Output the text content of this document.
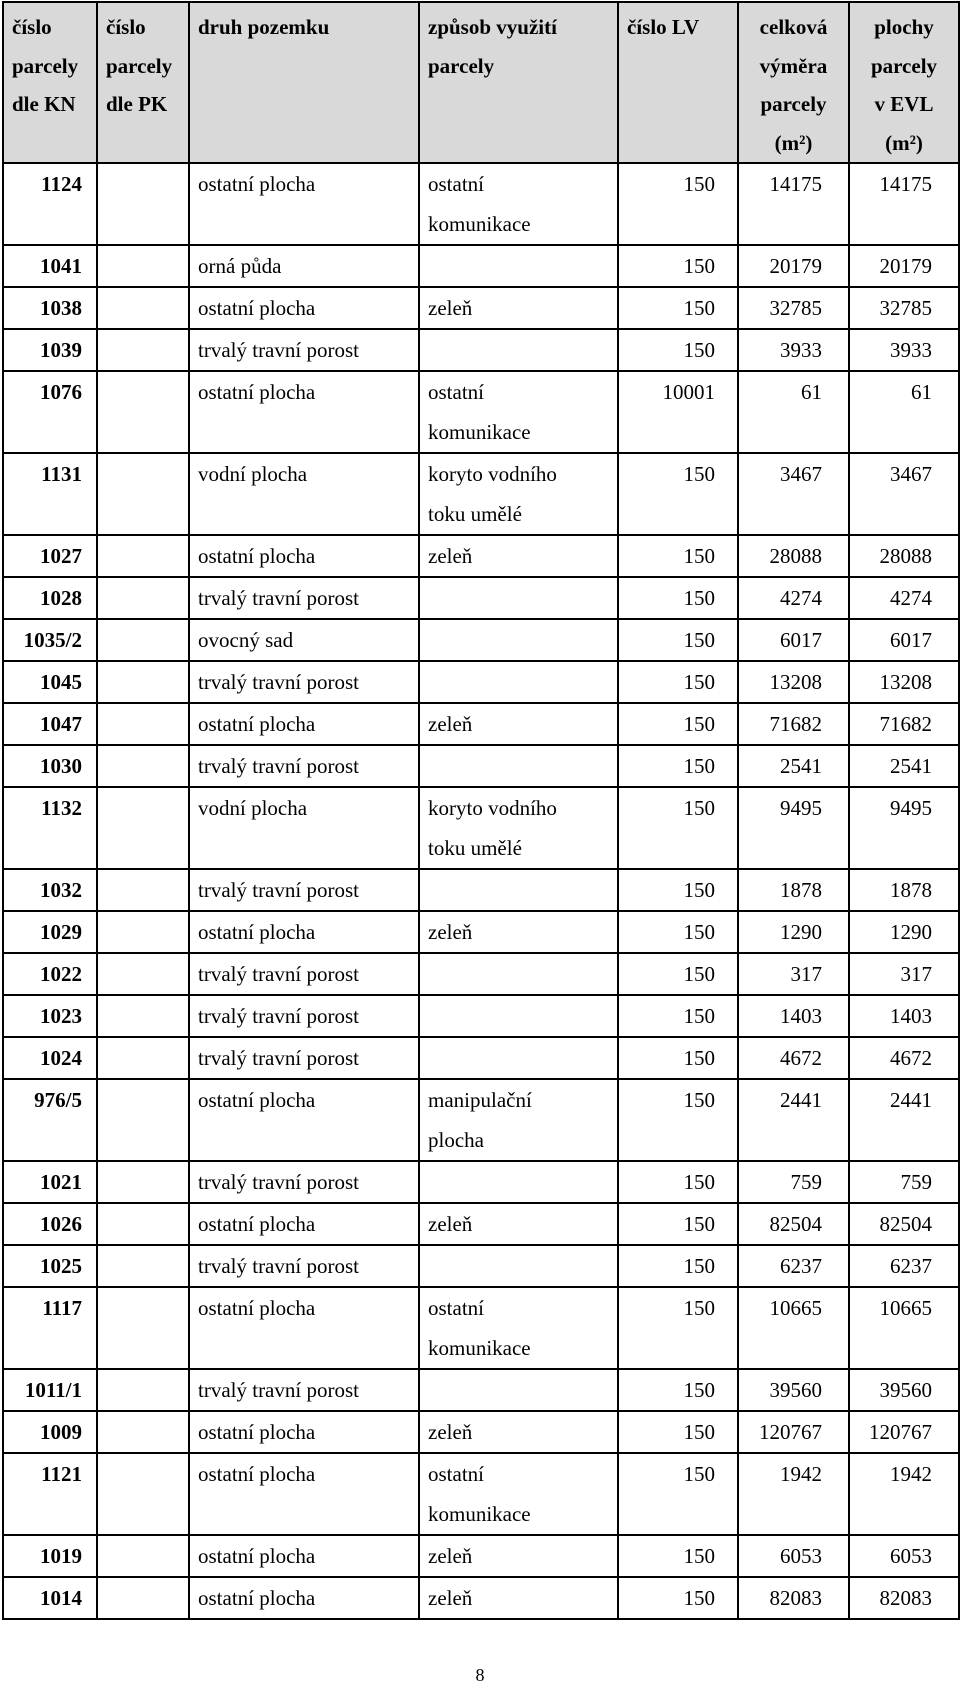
číslo
parcely
dle KN	číslo
parcely
dle PK	druh pozemku	způsob využití
parcely	číslo LV	celková
výměra
parcely
(m²)	plochy
parcely
v EVL
(m²)
1124		ostatní plocha	ostatní
komunikace	150	14175	14175
1041		orná půda		150	20179	20179
1038		ostatní plocha	zeleň	150	32785	32785
1039		trvalý travní porost		150	3933	3933
1076		ostatní plocha	ostatní
komunikace	10001	61	61
1131		vodní plocha	koryto vodního
toku umělé	150	3467	3467
1027		ostatní plocha	zeleň	150	28088	28088
1028		trvalý travní porost		150	4274	4274
1035/2		ovocný sad		150	6017	6017
1045		trvalý travní porost		150	13208	13208
1047		ostatní plocha	zeleň	150	71682	71682
1030		trvalý travní porost		150	2541	2541
1132		vodní plocha	koryto vodního
toku umělé	150	9495	9495
1032		trvalý travní porost		150	1878	1878
1029		ostatní plocha	zeleň	150	1290	1290
1022		trvalý travní porost		150	317	317
1023		trvalý travní porost		150	1403	1403
1024		trvalý travní porost		150	4672	4672
976/5		ostatní plocha	manipulační
plocha	150	2441	2441
1021		trvalý travní porost		150	759	759
1026		ostatní plocha	zeleň	150	82504	82504
1025		trvalý travní porost		150	6237	6237
1117		ostatní plocha	ostatní
komunikace	150	10665	10665
1011/1		trvalý travní porost		150	39560	39560
1009		ostatní plocha	zeleň	150	120767	120767
1121		ostatní plocha	ostatní
komunikace	150	1942	1942
1019		ostatní plocha	zeleň	150	6053	6053
1014		ostatní plocha	zeleň	150	82083	82083
8
